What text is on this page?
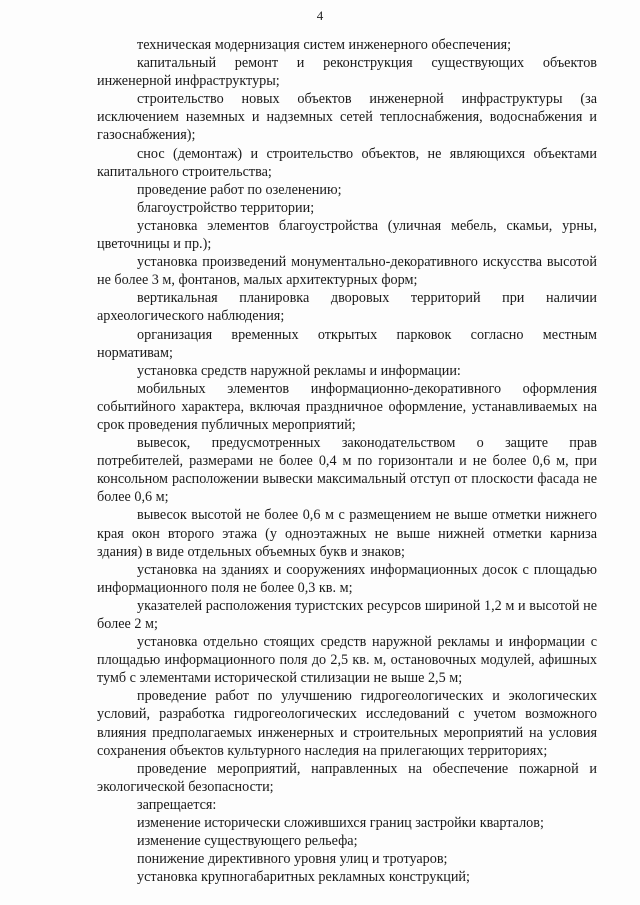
4

техническая модернизация систем инженерного обеспечения;

капитальный ремонт и реконструкция существующих объектов инженерной инфраструктуры;

строительство новых объектов инженерной инфраструктуры (за исключением наземных и надземных сетей теплоснабжения, водоснабжения и газоснабжения);

снос (демонтаж) и строительство объектов, не являющихся объектами капитального строительства;

проведение работ по озеленению;

благоустройство территории;

установка элементов благоустройства (уличная мебель, скамьи, урны, цветочницы и пр.);

установка произведений монументально-декоративного искусства высотой не более 3 м, фонтанов, малых архитектурных форм;

вертикальная планировка дворовых территорий при наличии археологического наблюдения;

организация временных открытых парковок согласно местным нормативам;

установка средств наружной рекламы и информации:

мобильных элементов информационно-декоративного оформления событийного характера, включая праздничное оформление, устанавливаемых на срок проведения публичных мероприятий;

вывесок, предусмотренных законодательством о защите прав потребителей, размерами не более 0,4 м по горизонтали и не более 0,6 м, при консольном расположении вывески максимальный отступ от плоскости фасада не более 0,6 м;

вывесок высотой не более 0,6 м с размещением не выше отметки нижнего края окон второго этажа (у одноэтажных не выше нижней отметки карниза здания) в виде отдельных объемных букв и знаков;

установка на зданиях и сооружениях информационных досок с площадью информационного поля не более 0,3 кв. м;

указателей расположения туристских ресурсов шириной 1,2 м и высотой не более 2 м;

установка отдельно стоящих средств наружной рекламы и информации с площадью информационного поля до 2,5 кв. м, остановочных модулей, афишных тумб с элементами исторической стилизации не выше 2,5 м;

проведение работ по улучшению гидрогеологических и экологических условий, разработка гидрогеологических исследований с учетом возможного влияния предполагаемых инженерных и строительных мероприятий на условия сохранения объектов культурного наследия на прилегающих территориях;

проведение мероприятий, направленных на обеспечение пожарной и экологической безопасности;

запрещается:

изменение исторически сложившихся границ застройки кварталов;

изменение существующего рельефа;

понижение директивного уровня улиц и тротуаров;

установка крупногабаритных рекламных конструкций;
